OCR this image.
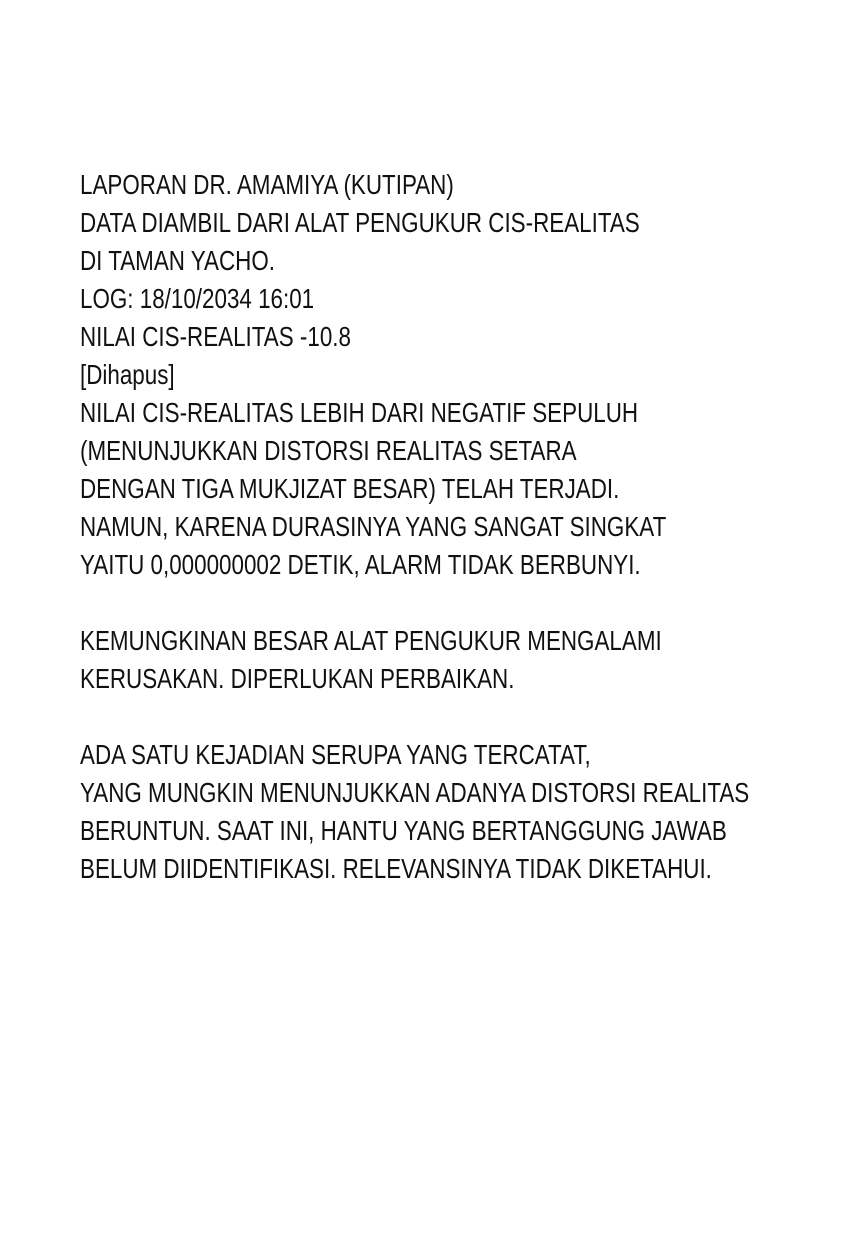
LAPORAN DR. AMAMIYA (KUTIPAN)
DATA DIAMBIL DARI ALAT PENGUKUR CIS-REALITAS
DI TAMAN YACHO.
LOG: 18/10/2034 16:01
NILAI CIS-REALITAS -10.8
[Dihapus]
NILAI CIS-REALITAS LEBIH DARI NEGATIF SEPULUH
(MENUNJUKKAN DISTORSI REALITAS SETARA
DENGAN TIGA MUKJIZAT BESAR) TELAH TERJADI.
NAMUN, KARENA DURASINYA YANG SANGAT SINGKAT
YAITU 0,000000002 DETIK, ALARM TIDAK BERBUNYI.
KEMUNGKINAN BESAR ALAT PENGUKUR MENGALAMI
KERUSAKAN. DIPERLUKAN PERBAIKAN.
ADA SATU KEJADIAN SERUPA YANG TERCATAT,
YANG MUNGKIN MENUNJUKKAN ADANYA DISTORSI REALITAS
BERUNTUN. SAAT INI, HANTU YANG BERTANGGUNG JAWAB
BELUM DIIDENTIFIKASI. RELEVANSINYA TIDAK DIKETAHUI.
